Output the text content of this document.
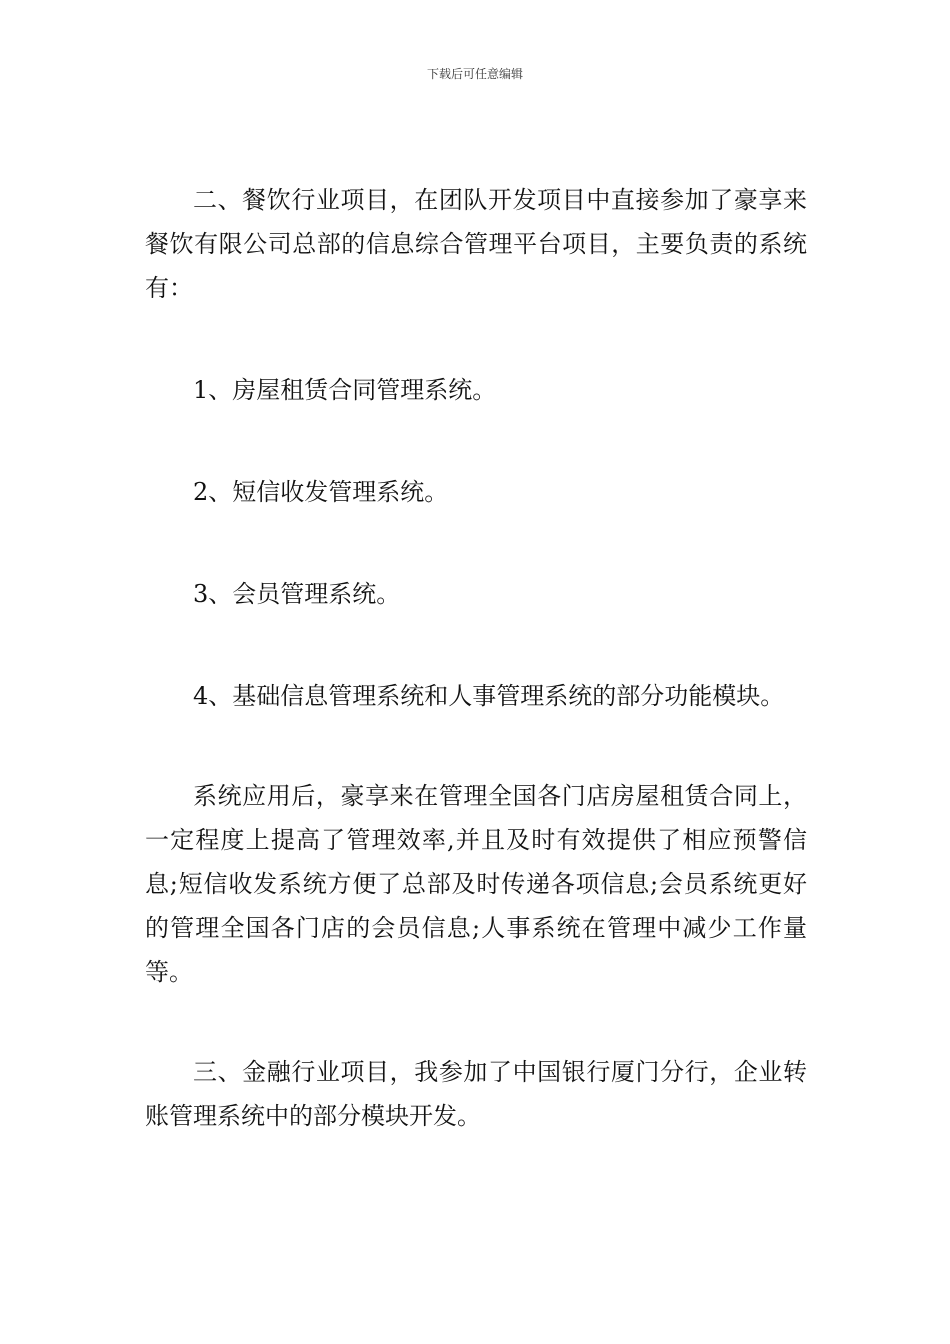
下载后可任意编辑

二、餐饮行业项目，在团队开发项目中直接参加了豪享来餐饮有限公司总部的信息综合管理平台项目，主要负责的系统有：

1、房屋租赁合同管理系统。

2、短信收发管理系统。

3、会员管理系统。

4、基础信息管理系统和人事管理系统的部分功能模块。

系统应用后，豪享来在管理全国各门店房屋租赁合同上，一定程度上提高了管理效率,并且及时有效提供了相应预警信息;短信收发系统方便了总部及时传递各项信息;会员系统更好的管理全国各门店的会员信息;人事系统在管理中减少工作量等。

三、金融行业项目，我参加了中国银行厦门分行，企业转账管理系统中的部分模块开发。
